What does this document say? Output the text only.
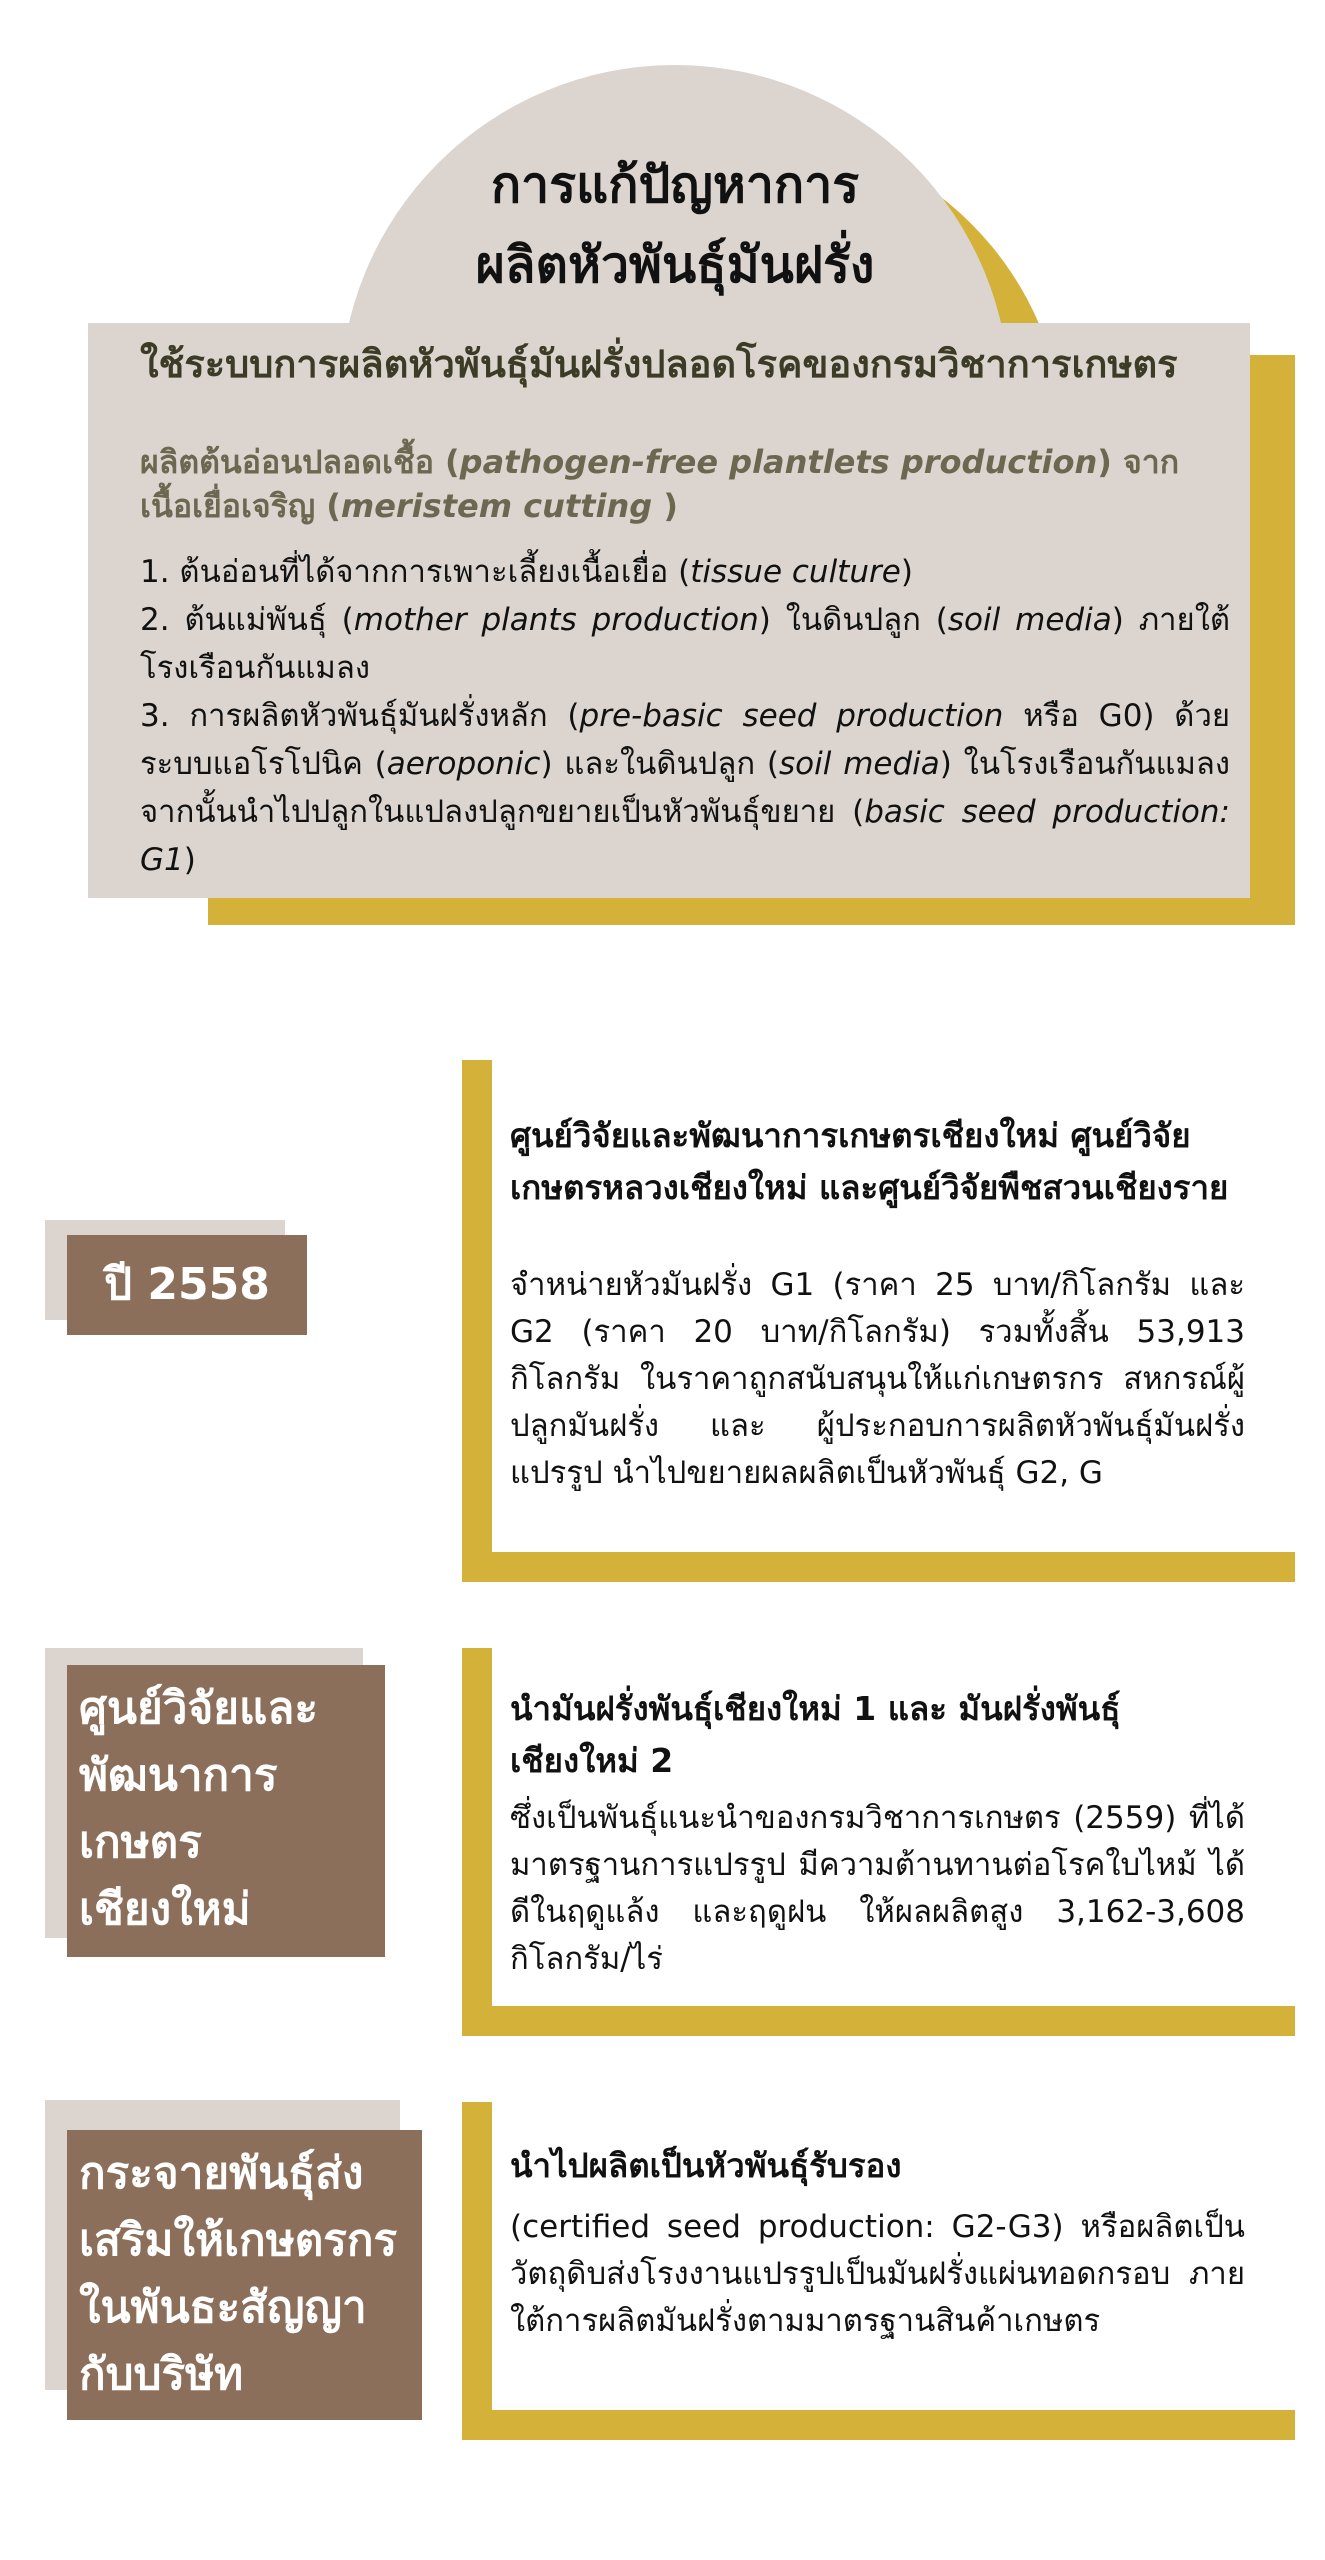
การแก้ปัญหาการ
ผลิตหัวพันธุ์มันฝรั่ง
ใช้ระบบการผลิตหัวพันธุ์มันฝรั่งปลอดโรคของกรมวิชาการเกษตร
ผลิตต้นอ่อนปลอดเชื้อ (pathogen-free plantlets production) จากเนื้อเยื่อเจริญ (meristem cutting )

1. ต้นอ่อนที่ได้จากการเพาะเลี้ยงเนื้อเยื่อ (tissue culture)

2. ต้นแม่พันธุ์ (mother plants production) ในดินปลูก (soil media) ภายใต้โรงเรือนกันแมลง

3. การผลิตหัวพันธุ์มันฝรั่งหลัก (pre-basic seed production หรือ G0) ด้วยระบบแอโรโปนิค (aeroponic) และในดินปลูก (soil media) ในโรงเรือนกันแมลง จากนั้นนำไปปลูกในแปลงปลูกขยายเป็นหัวพันธุ์ขยาย (basic seed production: G1)

ปี 2558
ศูนย์วิจัยและพัฒนาการเกษตรเชียงใหม่ ศูนย์วิจัยเกษตรหลวงเชียงใหม่ และศูนย์วิจัยพืชสวนเชียงราย
จำหน่ายหัวมันฝรั่ง G1 (ราคา 25 บาท/กิโลกรัม และ G2 (ราคา 20 บาท/กิโลกรัม) รวมทั้งสิ้น 53,913 กิโลกรัม ในราคาถูกสนับสนุนให้แก่เกษตรกร สหกรณ์ผู้ปลูกมันฝรั่ง และ ผู้ประกอบการผลิตหัวพันธุ์มันฝรั่งแปรรูป นำไปขยายผลผลิตเป็นหัวพันธุ์ G2, G
ศูนย์วิจัยและ
พัฒนาการ
เกษตร
เชียงใหม่
นำมันฝรั่งพันธุ์เชียงใหม่ 1 และ มันฝรั่งพันธุ์เชียงใหม่ 2
ซึ่งเป็นพันธุ์แนะนำของกรมวิชาการเกษตร (2559) ที่ได้มาตรฐานการแปรรูป มีความต้านทานต่อโรคใบไหม้ ได้ดีในฤดูแล้ง และฤดูฝน ให้ผลผลิตสูง 3,162-3,608 กิโลกรัม/ไร่
กระจายพันธุ์ส่ง
เสริมให้เกษตรกร
ในพันธะสัญญา
กับบริษัท
นำไปผลิตเป็นหัวพันธุ์รับรอง
(certified seed production: G2-G3) หรือผลิตเป็นวัตถุดิบส่งโรงงานแปรรูปเป็นมันฝรั่งแผ่นทอดกรอบ ภายใต้การผลิตมันฝรั่งตามมาตรฐานสินค้าเกษตร
